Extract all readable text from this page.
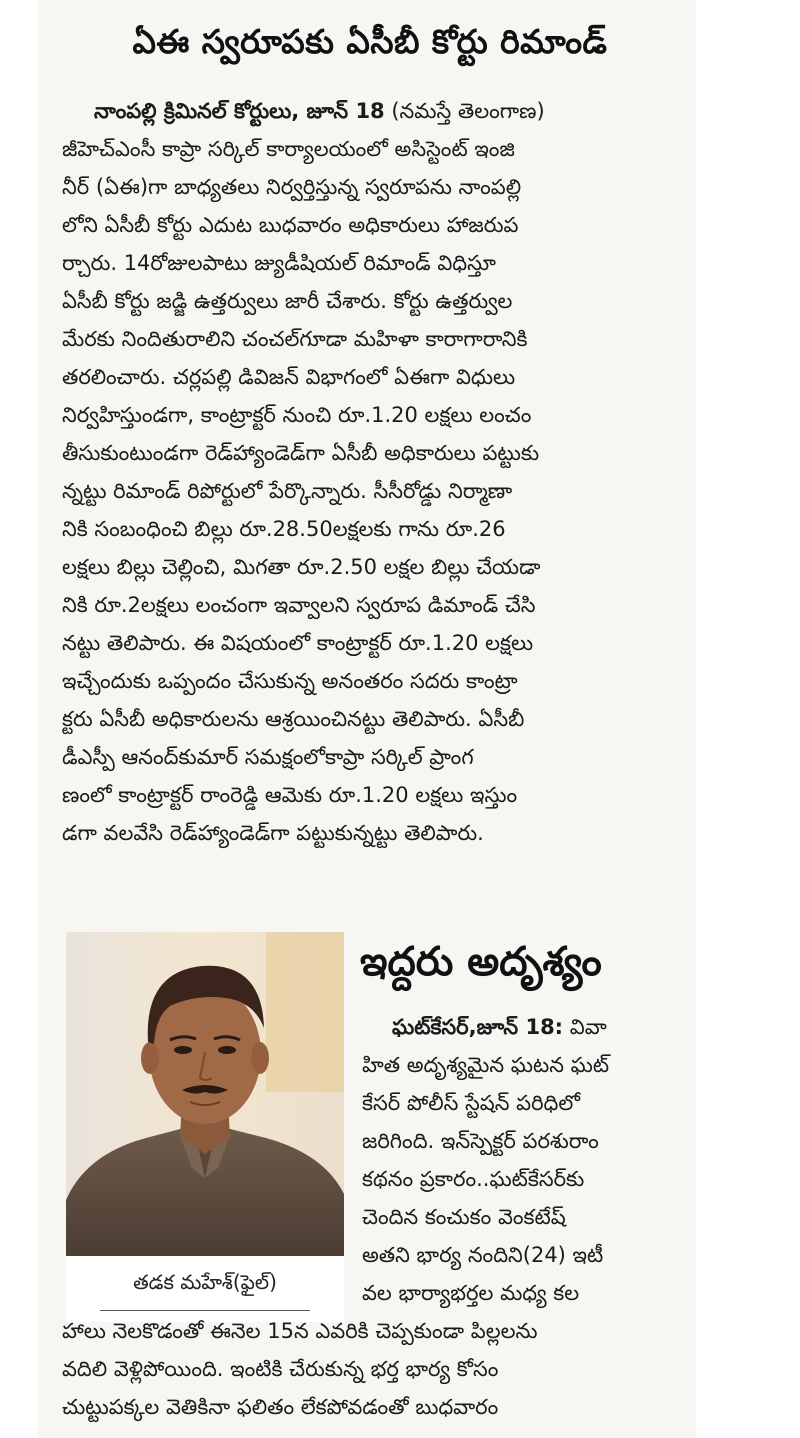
ఏఈ స్వరూపకు ఏసీబీ కోర్టు రిమాండ్
నాంపల్లి క్రిమినల్ కోర్టులు, జూన్ 18 (నమస్తే తెలంగాణ)
జీహెచ్ఎంసీ కాప్రా సర్కిల్ కార్యాలయంలో అసిస్టెంట్ ఇంజి
నీర్ (ఏఈ)గా బాధ్యతలు నిర్వర్తిస్తున్న స్వరూపను నాంపల్లి
లోని ఏసీబీ కోర్టు ఎదుట బుధవారం అధికారులు హాజరుప
ర్చారు. 14రోజులపాటు జ్యుడీషియల్ రిమాండ్ విధిస్తూ
ఏసీబీ కోర్టు జడ్జి ఉత్తర్వులు జారీ చేశారు. కోర్టు ఉత్తర్వుల
మేరకు నిందితురాలిని చంచల్‌గూడా మహిళా కారాగారానికి
తరలించారు. చర్లపల్లి డివిజన్ విభాగంలో ఏఈగా విధులు
నిర్వహిస్తుండగా, కాంట్రాక్టర్ నుంచి రూ.1.20 లక్షలు లంచం
తీసుకుంటుండగా రెడ్‌హ్యాండెడ్‌గా ఏసీబీ అధికారులు పట్టుకు
న్నట్టు రిమాండ్ రిపోర్టులో పేర్కొన్నారు. సీసీరోడ్డు నిర్మాణా
నికి సంబంధించి బిల్లు రూ.28.50లక్షలకు గాను రూ.26
లక్షలు బిల్లు చెల్లించి, మిగతా రూ.2.50 లక్షల బిల్లు చేయడా
నికి రూ.2లక్షలు లంచంగా ఇవ్వాలని స్వరూప డిమాండ్ చేసి
నట్టు తెలిపారు. ఈ విషయంలో కాంట్రాక్టర్ రూ.1.20 లక్షలు
ఇచ్చేందుకు ఒప్పందం చేసుకున్న అనంతరం సదరు కాంట్రా
క్టరు ఏసీబీ అధికారులను ఆశ్రయించినట్టు తెలిపారు. ఏసీబీ
డీఎస్పీ ఆనంద్‌కుమార్ సమక్షంలోకాప్రా సర్కిల్ ప్రాంగ
ణంలో కాంట్రాక్టర్ రాంరెడ్డి ఆమెకు రూ.1.20 లక్షలు ఇస్తుం
డగా వలవేసి రెడ్‌హ్యాండెడ్‌గా పట్టుకున్నట్టు తెలిపారు.
తడక మహేశ్(ఫైల్)
ఇద్దరు అదృశ్యం
ఘట్‌కేసర్,జూన్ 18: వివా
హిత అదృశ్యమైన ఘటన ఘట్
కేసర్ పోలీస్ స్టేషన్ పరిధిలో
జరిగింది. ఇన్‌స్పెక్టర్ పరశురాం
కథనం ప్రకారం..ఘట్‌కేసర్‌కు
చెందిన కంచుకం వెంకటేష్
అతని భార్య నందిని(24) ఇటీ
వల భార్యాభర్తల మధ్య కల
హాలు నెలకొడంతో ఈనెల 15న ఎవరికి చెప్పకుండా పిల్లలను
వదిలి వెళ్లిపోయింది. ఇంటికి చేరుకున్న భర్త భార్య కోసం
చుట్టుపక్కల వెతికినా ఫలితం లేకపోవడంతో బుధవారం
